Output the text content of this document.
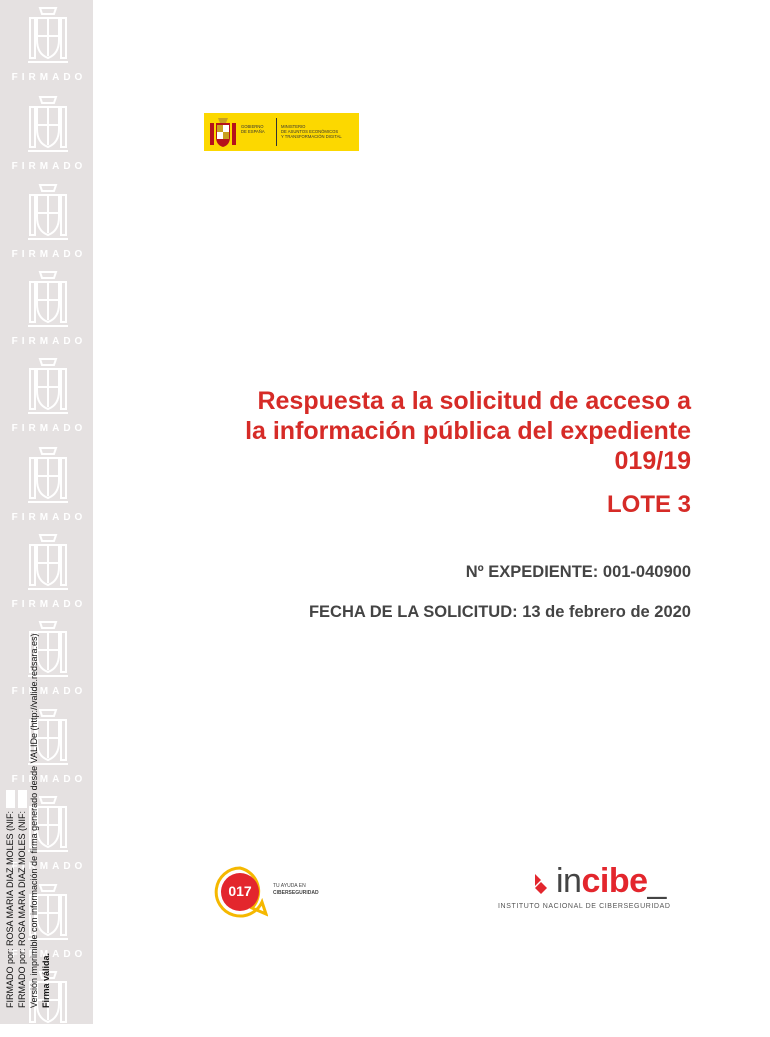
FIRMADO
FIRMADO
FIRMADO
FIRMADO
FIRMADO
FIRMADO
FIRMADO
FIRMADO
FIRMADO
FIRMADO
FIRMADO
FIRMADO por: ROSA MARIA DIAZ MOLES (NIF: FIRMADO por: ROSA MARIA DIAZ MOLES (NIF: Versión imprimible con información de firma generado desde VALIDe (http://valide.redsara.es) Firma válida.
GOBIERNO
DE ESPAÑA
MINISTERIO
DE ASUNTOS ECONÓMICOS
Y TRANSFORMACIÓN DIGITAL
Respuesta a la solicitud de acceso a
la información pública del expediente
019/19
LOTE 3
Nº EXPEDIENTE: 001-040900
FECHA DE LA SOLICITUD: 13 de febrero de 2020
017	TU AYUDA EN
CIBERSEGURIDAD	incibe_
INSTITUTO NACIONAL DE CIBERSEGURIDAD
